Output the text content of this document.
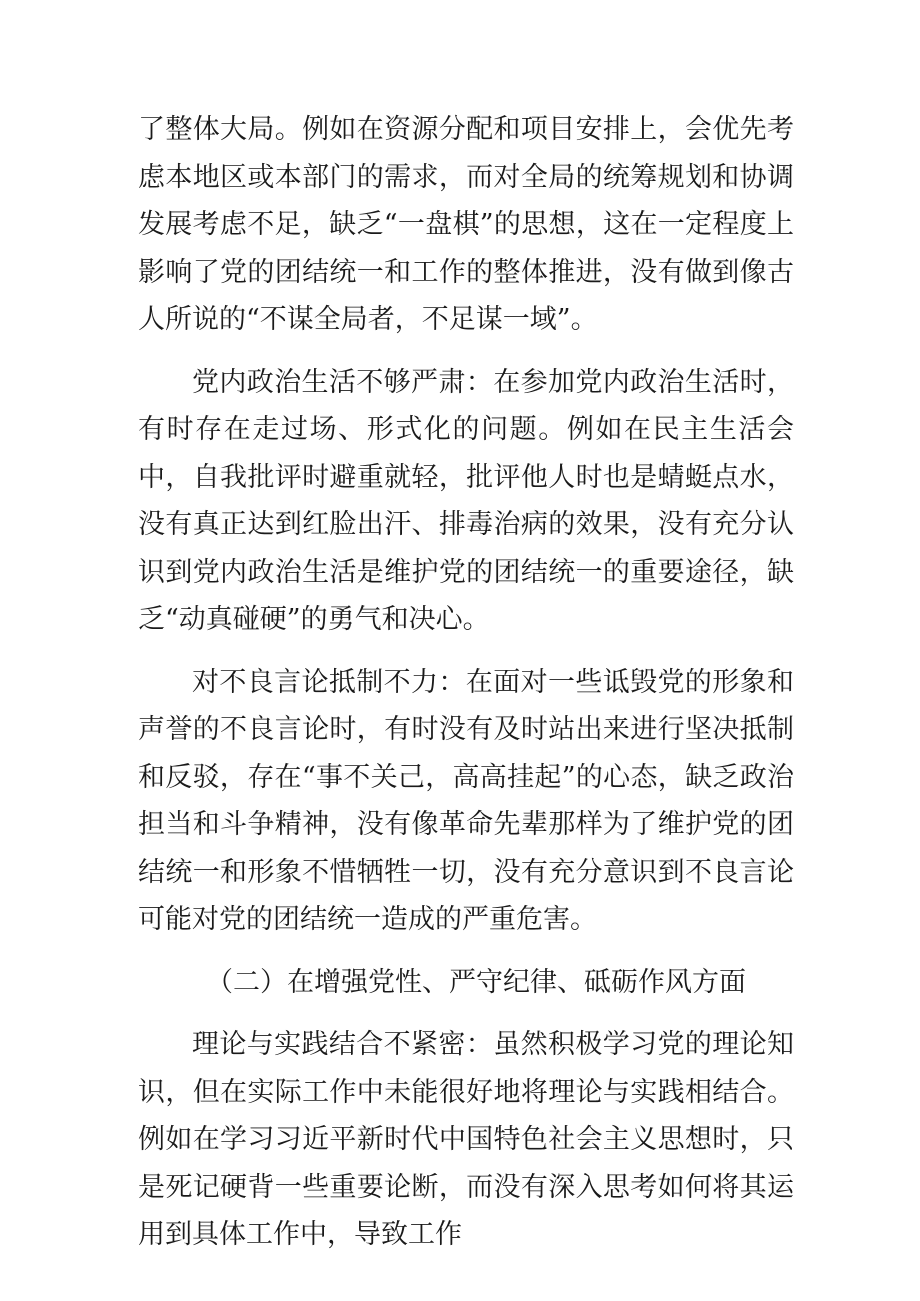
了整体大局。例如在资源分配和项目安排上，会优先考虑本地区或本部门的需求，而对全局的统筹规划和协调发展考虑不足，缺乏“一盘棋”的思想，这在一定程度上影响了党的团结统一和工作的整体推进，没有做到像古人所说的“不谋全局者，不足谋一域”。

党内政治生活不够严肃：在参加党内政治生活时，有时存在走过场、形式化的问题。例如在民主生活会中，自我批评时避重就轻，批评他人时也是蜻蜓点水，没有真正达到红脸出汗、排毒治病的效果，没有充分认识到党内政治生活是维护党的团结统一的重要途径，缺乏“动真碰硬”的勇气和决心。

对不良言论抵制不力：在面对一些诋毁党的形象和声誉的不良言论时，有时没有及时站出来进行坚决抵制和反驳，存在“事不关己，高高挂起”的心态，缺乏政治担当和斗争精神，没有像革命先辈那样为了维护党的团结统一和形象不惜牺牲一切，没有充分意识到不良言论可能对党的团结统一造成的严重危害。

（二）在增强党性、严守纪律、砥砺作风方面

理论与实践结合不紧密：虽然积极学习党的理论知识，但在实际工作中未能很好地将理论与实践相结合。例如在学习习近平新时代中国特色社会主义思想时，只是死记硬背一些重要论断，而没有深入思考如何将其运用到具体工作中，导致工作
